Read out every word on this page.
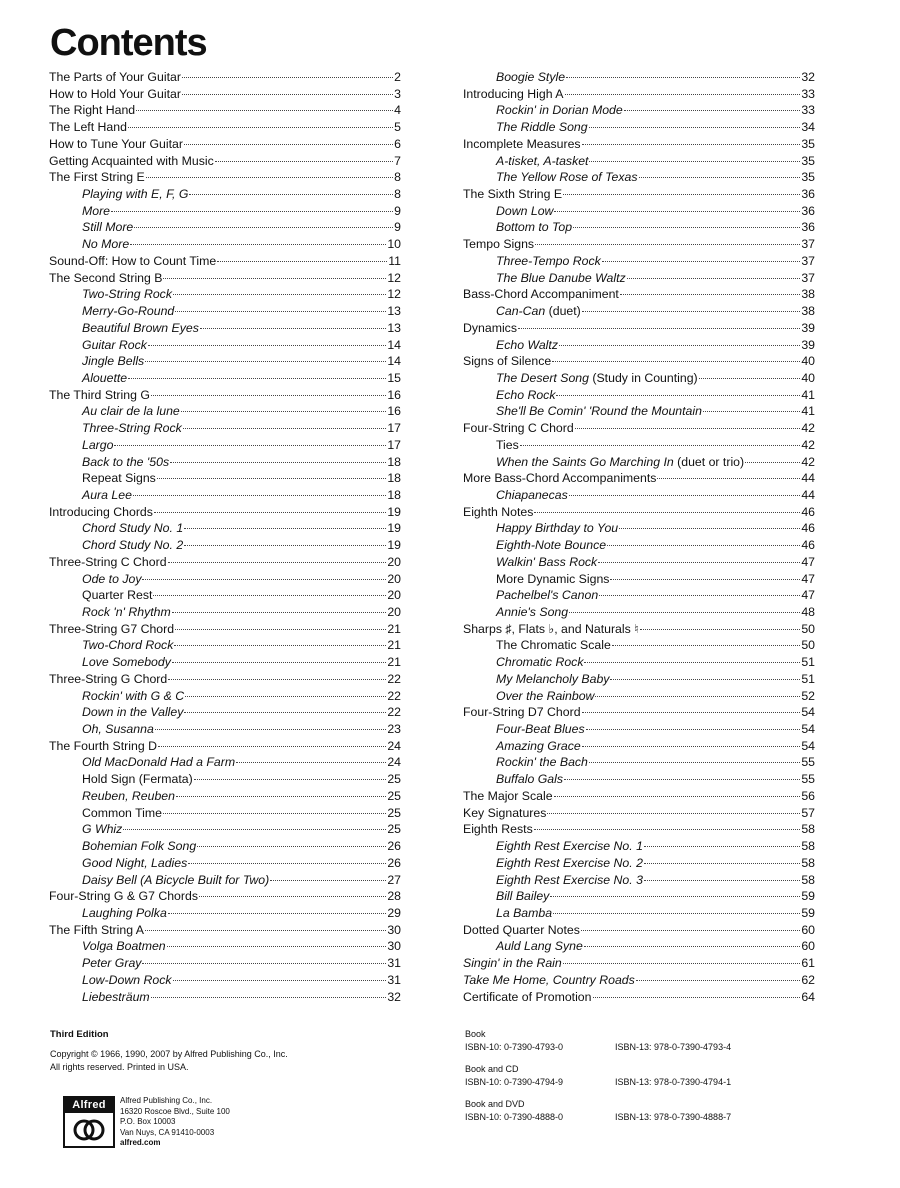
Contents
The Parts of Your Guitar	2
How to Hold Your Guitar	3
The Right Hand	4
The Left Hand	5
How to Tune Your Guitar	6
Getting Acquainted with Music	7
The First String E	8
Playing with E, F, G	8
More	9
Still More	9
No More	10
Sound-Off: How to Count Time	11
The Second String B	12
Two-String Rock	12
Merry-Go-Round	13
Beautiful Brown Eyes	13
Guitar Rock	14
Jingle Bells	14
Alouette	15
The Third String G	16
Au clair de la lune	16
Three-String Rock	17
Largo	17
Back to the '50s	18
Repeat Signs	18
Aura Lee	18
Introducing Chords	19
Chord Study No. 1	19
Chord Study No. 2	19
Three-String C Chord	20
Ode to Joy	20
Quarter Rest	20
Rock 'n' Rhythm	20
Three-String G7 Chord	21
Two-Chord Rock	21
Love Somebody	21
Three-String G Chord	22
Rockin' with G & C	22
Down in the Valley	22
Oh, Susanna	23
The Fourth String D	24
Old MacDonald Had a Farm	24
Hold Sign (Fermata)	25
Reuben, Reuben	25
Common Time	25
G Whiz	25
Bohemian Folk Song	26
Good Night, Ladies	26
Daisy Bell (A Bicycle Built for Two)	27
Four-String G & G7 Chords	28
Laughing Polka	29
The Fifth String A	30
Volga Boatmen	30
Peter Gray	31
Low-Down Rock	31
Liebesträum	32
Boogie Style	32
Introducing High A	33
Rockin' in Dorian Mode	33
The Riddle Song	34
Incomplete Measures	35
A-tisket, A-tasket	35
The Yellow Rose of Texas	35
The Sixth String E	36
Down Low	36
Bottom to Top	36
Tempo Signs	37
Three-Tempo Rock	37
The Blue Danube Waltz	37
Bass-Chord Accompaniment	38
Can-Can (duet)	38
Dynamics	39
Echo Waltz	39
Signs of Silence	40
The Desert Song (Study in Counting)	40
Echo Rock	41
She'll Be Comin' 'Round the Mountain	41
Four-String C Chord	42
Ties	42
When the Saints Go Marching In (duet or trio)	42
More Bass-Chord Accompaniments	44
Chiapanecas	44
Eighth Notes	46
Happy Birthday to You	46
Eighth-Note Bounce	46
Walkin' Bass Rock	47
More Dynamic Signs	47
Pachelbel's Canon	47
Annie's Song	48
Sharps ♯, Flats ♭, and Naturals ♮	50
The Chromatic Scale	50
Chromatic Rock	51
My Melancholy Baby	51
Over the Rainbow	52
Four-String D7 Chord	54
Four-Beat Blues	54
Amazing Grace	54
Rockin' the Bach	55
Buffalo Gals	55
The Major Scale	56
Key Signatures	57
Eighth Rests	58
Eighth Rest Exercise No. 1	58
Eighth Rest Exercise No. 2	58
Eighth Rest Exercise No. 3	58
Bill Bailey	59
La Bamba	59
Dotted Quarter Notes	60
Auld Lang Syne	60
Singin' in the Rain	61
Take Me Home, Country Roads	62
Certificate of Promotion	64
Third Edition
Copyright © 1966, 1990, 2007 by Alfred Publishing Co., Inc.
All rights reserved. Printed in USA.
Alfred	Alfred Publishing Co., Inc.
16320 Roscoe Blvd., Suite 100
P.O. Box 10003
Van Nuys, CA 91410-0003
alfred.com
Book
ISBN-10: 0-7390-4793-0	ISBN-13: 978-0-7390-4793-4
Book and CD
ISBN-10: 0-7390-4794-9	ISBN-13: 978-0-7390-4794-1
Book and DVD
ISBN-10: 0-7390-4888-0	ISBN-13: 978-0-7390-4888-7
